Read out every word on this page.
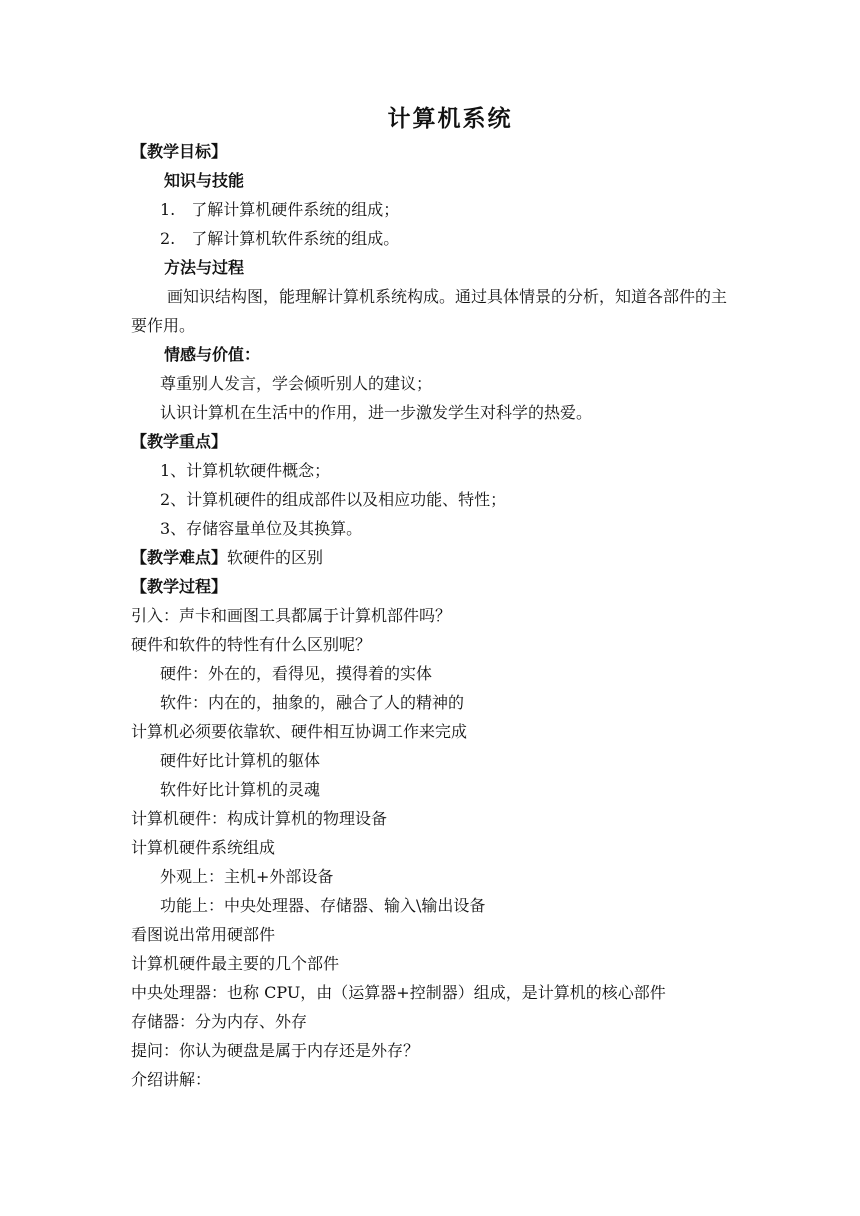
计算机系统
【教学目标】
知识与技能
1.　了解计算机硬件系统的组成；
2.　了解计算机软件系统的组成。
方法与过程
画知识结构图，能理解计算机系统构成。通过具体情景的分析，知道各部件的主要作用。
情感与价值：
尊重别人发言，学会倾听别人的建议；
认识计算机在生活中的作用，进一步激发学生对科学的热爱。
【教学重点】
1、计算机软硬件概念；
2、计算机硬件的组成部件以及相应功能、特性；
3、存储容量单位及其换算。
【教学难点】软硬件的区别
【教学过程】
引入：声卡和画图工具都属于计算机部件吗？
硬件和软件的特性有什么区别呢？
硬件：外在的，看得见，摸得着的实体
软件：内在的，抽象的，融合了人的精神的
计算机必须要依靠软、硬件相互协调工作来完成
硬件好比计算机的躯体
软件好比计算机的灵魂
计算机硬件：构成计算机的物理设备
计算机硬件系统组成
外观上：主机+外部设备
功能上：中央处理器、存储器、输入\输出设备
看图说出常用硬部件
计算机硬件最主要的几个部件
中央处理器：也称 CPU，由（运算器+控制器）组成，是计算机的核心部件
存储器：分为内存、外存
提问：你认为硬盘是属于内存还是外存？
介绍讲解：
